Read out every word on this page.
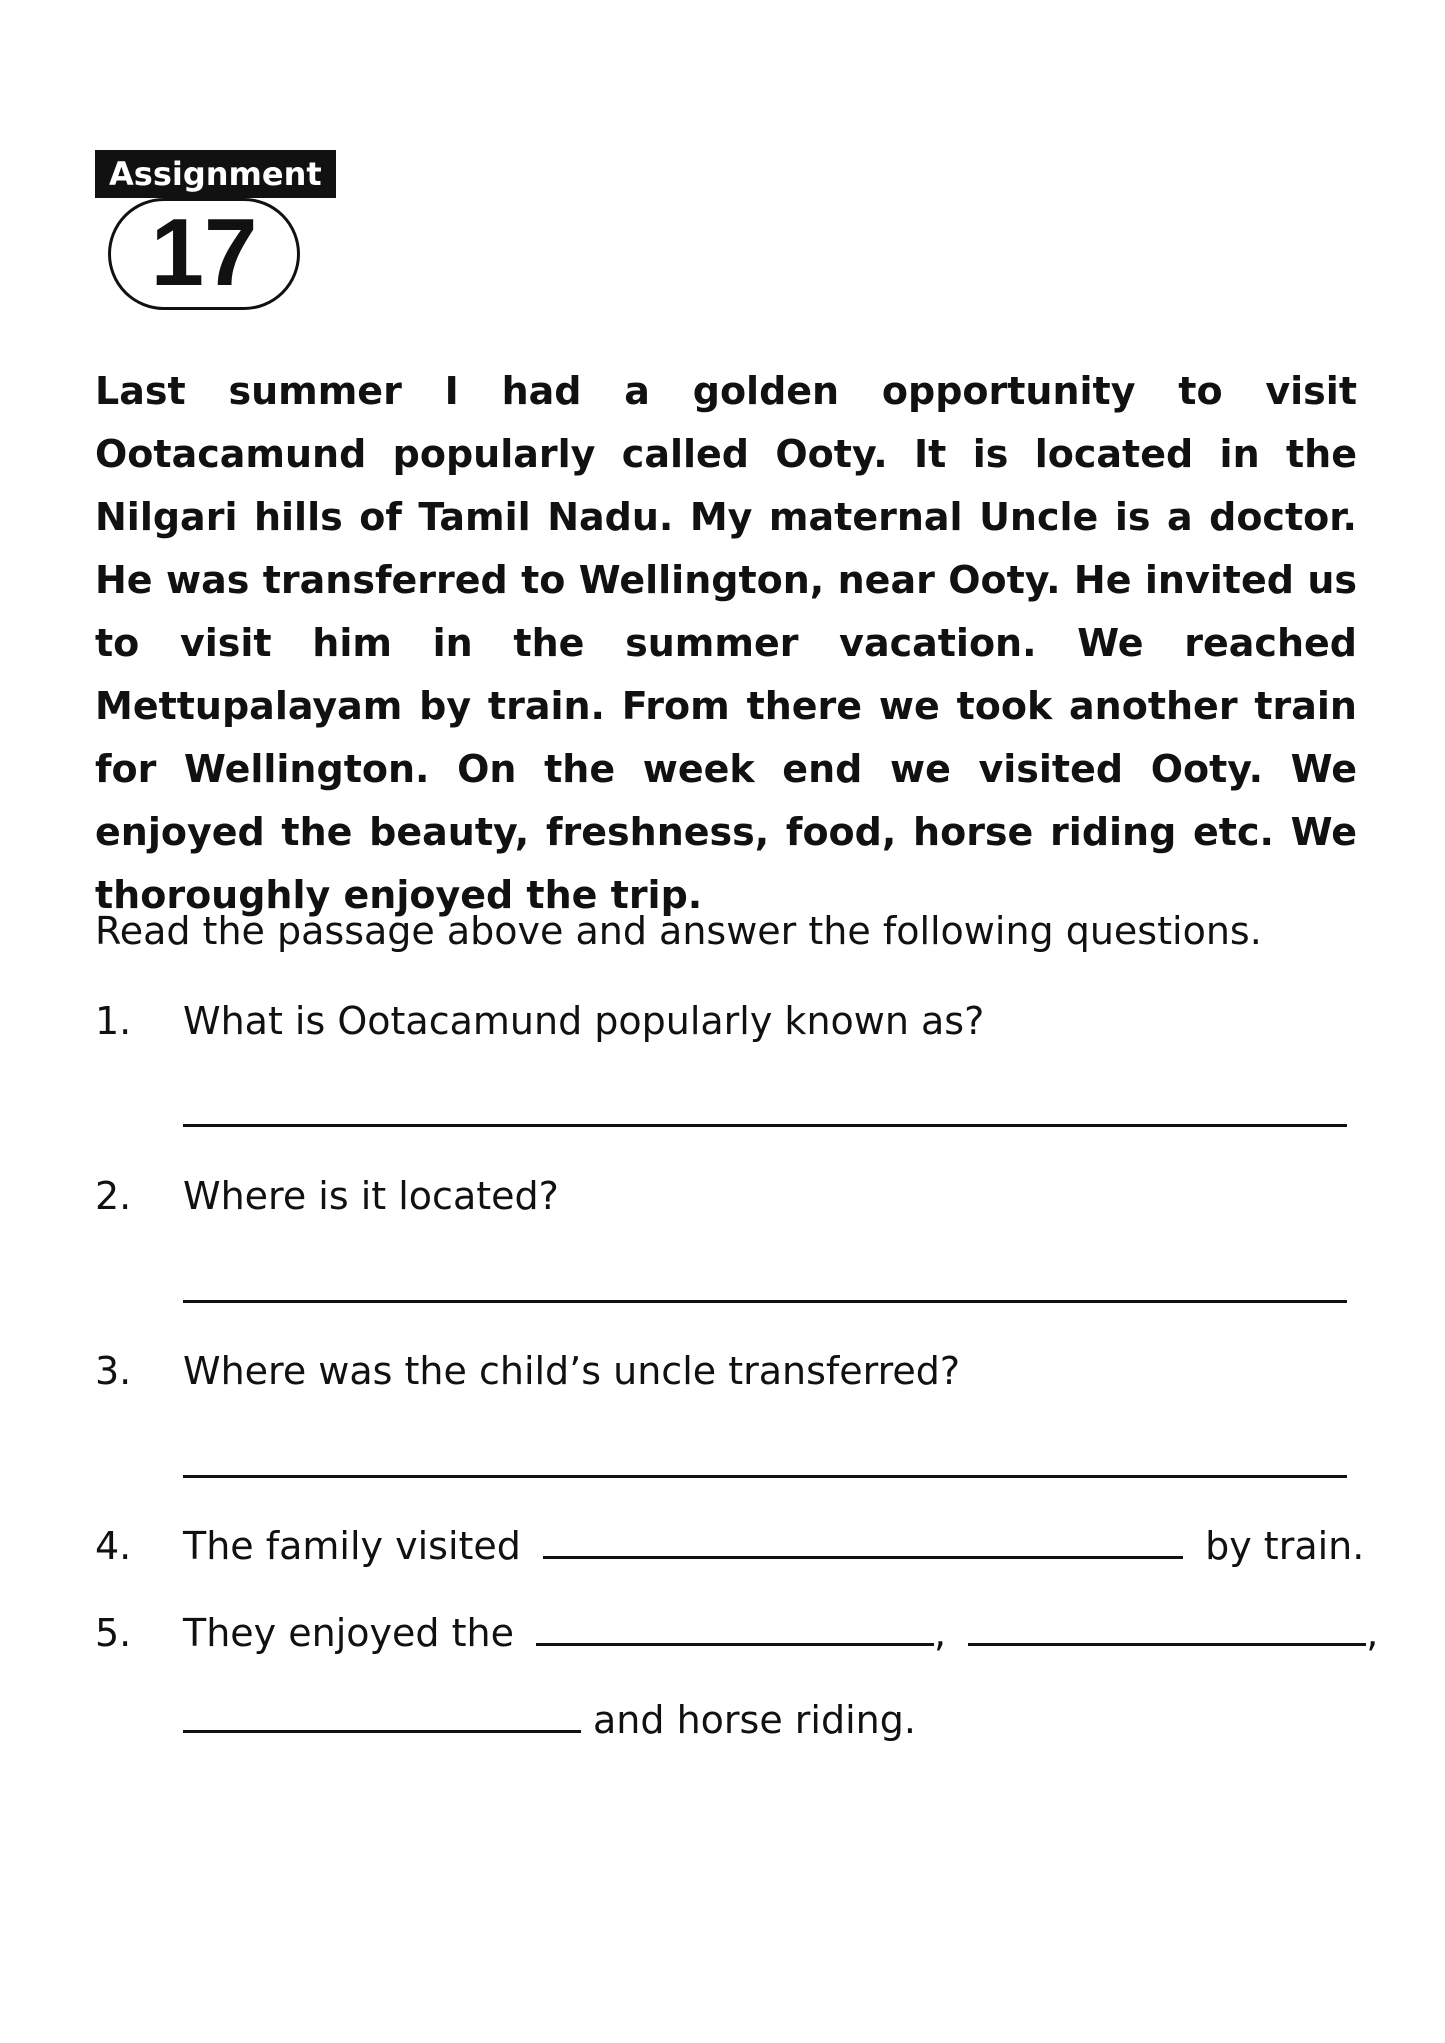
Assignment
17

Last summer I had a golden opportunity to visit Ootacamund popularly called Ooty. It is located in the Nilgari hills of Tamil Nadu. My maternal Uncle is a doctor. He was transferred to Wellington, near Ooty. He invited us to visit him in the summer vacation. We reached Mettupalayam by train. From there we took another train for Wellington. On the week end we visited Ooty. We enjoyed the beauty, freshness, food, horse riding etc. We thoroughly enjoyed the trip.

Read the passage above and answer the following questions.

1. What is Ootacamund popularly known as?
2. Where is it located?
3. Where was the child’s uncle transferred?
4. The family visited	by train.
5. They enjoyed the	,	,
and horse riding.
